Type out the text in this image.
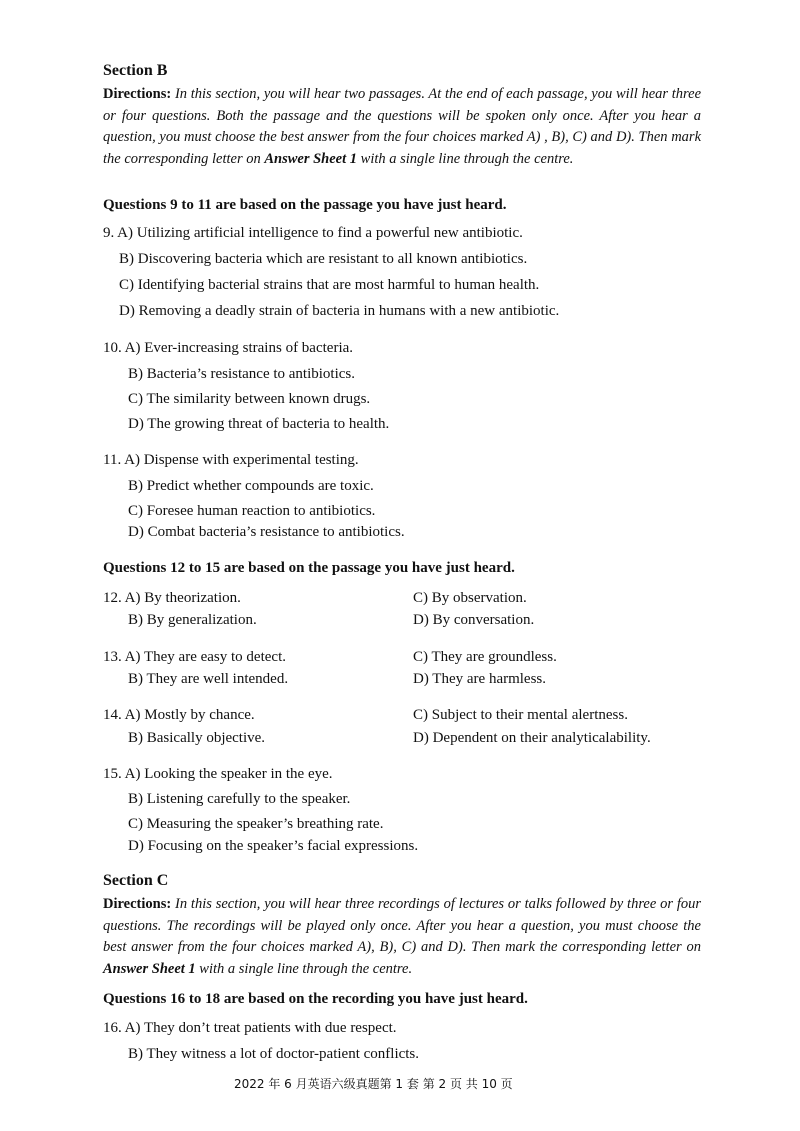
Section B
Directions: In this section, you will hear two passages. At the end of each passage, you will hear three or four questions. Both the passage and the questions will be spoken only once. After you hear a question, you must choose the best answer from the four choices marked A) , B), C) and D). Then mark the corresponding letter on Answer Sheet 1 with a single line through the centre.
Questions 9 to 11 are based on the passage you have just heard.
9. A) Utilizing artificial intelligence to find a powerful new antibiotic.
B) Discovering bacteria which are resistant to all known antibiotics.
C) Identifying bacterial strains that are most harmful to human health.
D) Removing a deadly strain of bacteria in humans with a new antibiotic.
10. A) Ever-increasing strains of bacteria.
B) Bacteria’s resistance to antibiotics.
C) The similarity between known drugs.
D) The growing threat of bacteria to health.
11. A) Dispense with experimental testing.
B) Predict whether compounds are toxic.
C) Foresee human reaction to antibiotics.
D) Combat bacteria’s resistance to antibiotics.
Questions 12 to 15 are based on the passage you have just heard.
12. A) By theorization.	C) By observation.
B) By generalization.	D) By conversation.
13. A) They are easy to detect.	C) They are groundless.
B) They are well intended.	D) They are harmless.
14. A) Mostly by chance.	C) Subject to their mental alertness.
B) Basically objective.	D) Dependent on their analyticalability.
15. A) Looking the speaker in the eye.
B) Listening carefully to the speaker.
C) Measuring the speaker’s breathing rate.
D) Focusing on the speaker’s facial expressions.
Section C
Directions: In this section, you will hear three recordings of lectures or talks followed by three or four questions. The recordings will be played only once. After you hear a question, you must choose the best answer from the four choices marked A), B), C) and D). Then mark the corresponding letter on Answer Sheet 1 with a single line through the centre.
Questions 16 to 18 are based on the recording you have just heard.
16. A) They don’t treat patients with due respect.
B) They witness a lot of doctor-patient conflicts.
2022 年 6 月英语六级真题第 1 套 第 2 页 共 10 页
